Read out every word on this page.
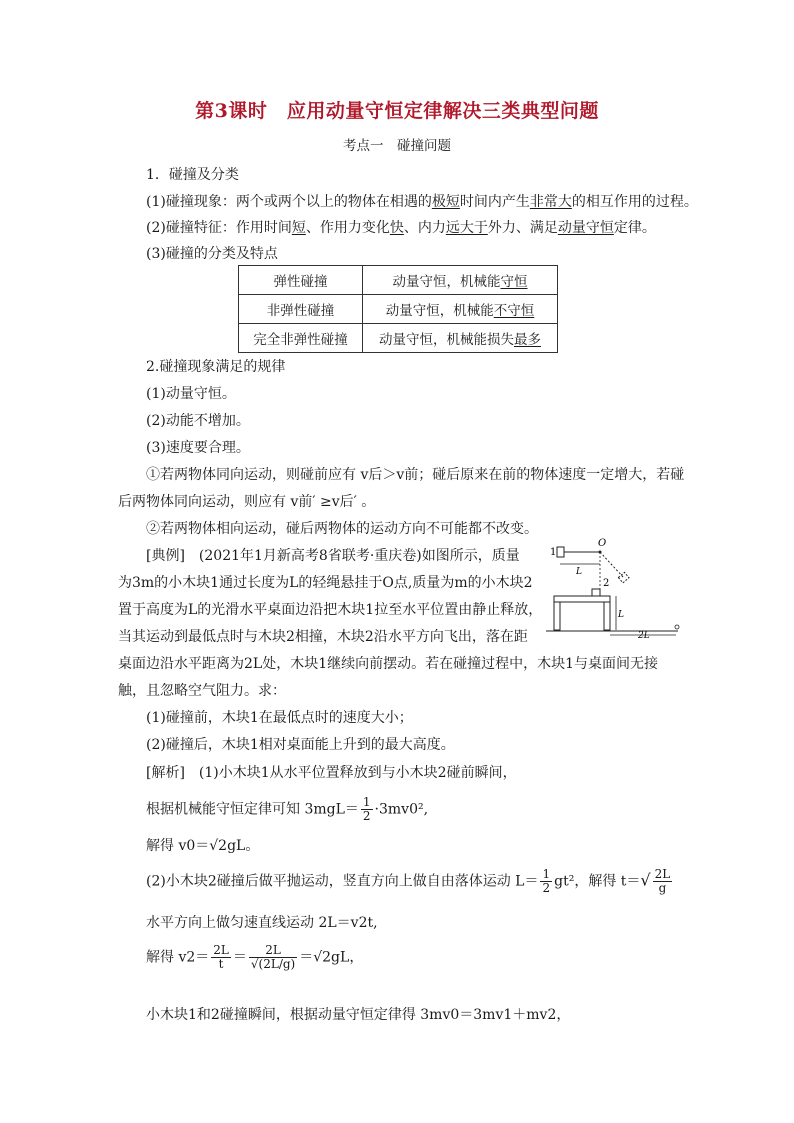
第3课时　应用动量守恒定律解决三类典型问题
考点一　碰撞问题
1．碰撞及分类
(1)碰撞现象：两个或两个以上的物体在相遇的极短时间内产生非常大的相互作用的过程。
(2)碰撞特征：作用时间短、作用力变化快、内力远大于外力、满足动量守恒定律。
(3)碰撞的分类及特点
弹性碰撞	动量守恒，机械能守恒
非弹性碰撞	动量守恒，机械能不守恒
完全非弹性碰撞	动量守恒，机械能损失最多
2.碰撞现象满足的规律
(1)动量守恒。
(2)动能不增加。
(3)速度要合理。
①若两物体同向运动，则碰前应有 v后＞v前；碰后原来在前的物体速度一定增大，若碰
后两物体同向运动，则应有 v前′ ≥v后′ 。
②若两物体相向运动，碰后两物体的运动方向不可能都不改变。
[典例]　(2021年1月新高考8省联考·重庆卷)如图所示，质量
为3m的小木块1通过长度为L的轻绳悬挂于O点,质量为m的小木块2
置于高度为L的光滑水平桌面边沿把木块1拉至水平位置由静止释放，
当其运动到最低点时与木块2相撞，木块2沿水平方向飞出，落在距
桌面边沿水平距离为2L处，木块1继续向前摆动。若在碰撞过程中，木块1与桌面间无接
触，且忽略空气阻力。求：
(1)碰撞前，木块1在最低点时的速度大小；
(2)碰撞后，木块1相对桌面能上升到的最大高度。
1
O
L
2
L
2L
[解析]　(1)小木块1从水平位置释放到与小木块2碰前瞬间，
根据机械能守恒定律可知 $3mgL= \frac{1}{2} \cdot 3mv0^2$,
解得 v0＝√2gL。
(2)小木块2碰撞后做平抛运动，竖直方向上做自由落体运动 $L= \frac{1}{2} gt^2$，解得 $t=√ \frac{2L}{g}$
水平方向上做匀速直线运动 2L＝v2t,
解得 $v2= \frac{2L}{t} = \frac{2L}{√(2L/g)} =√2gL$，
小木块1和2碰撞瞬间，根据动量守恒定律得 3mv0＝3mv1＋mv2，
